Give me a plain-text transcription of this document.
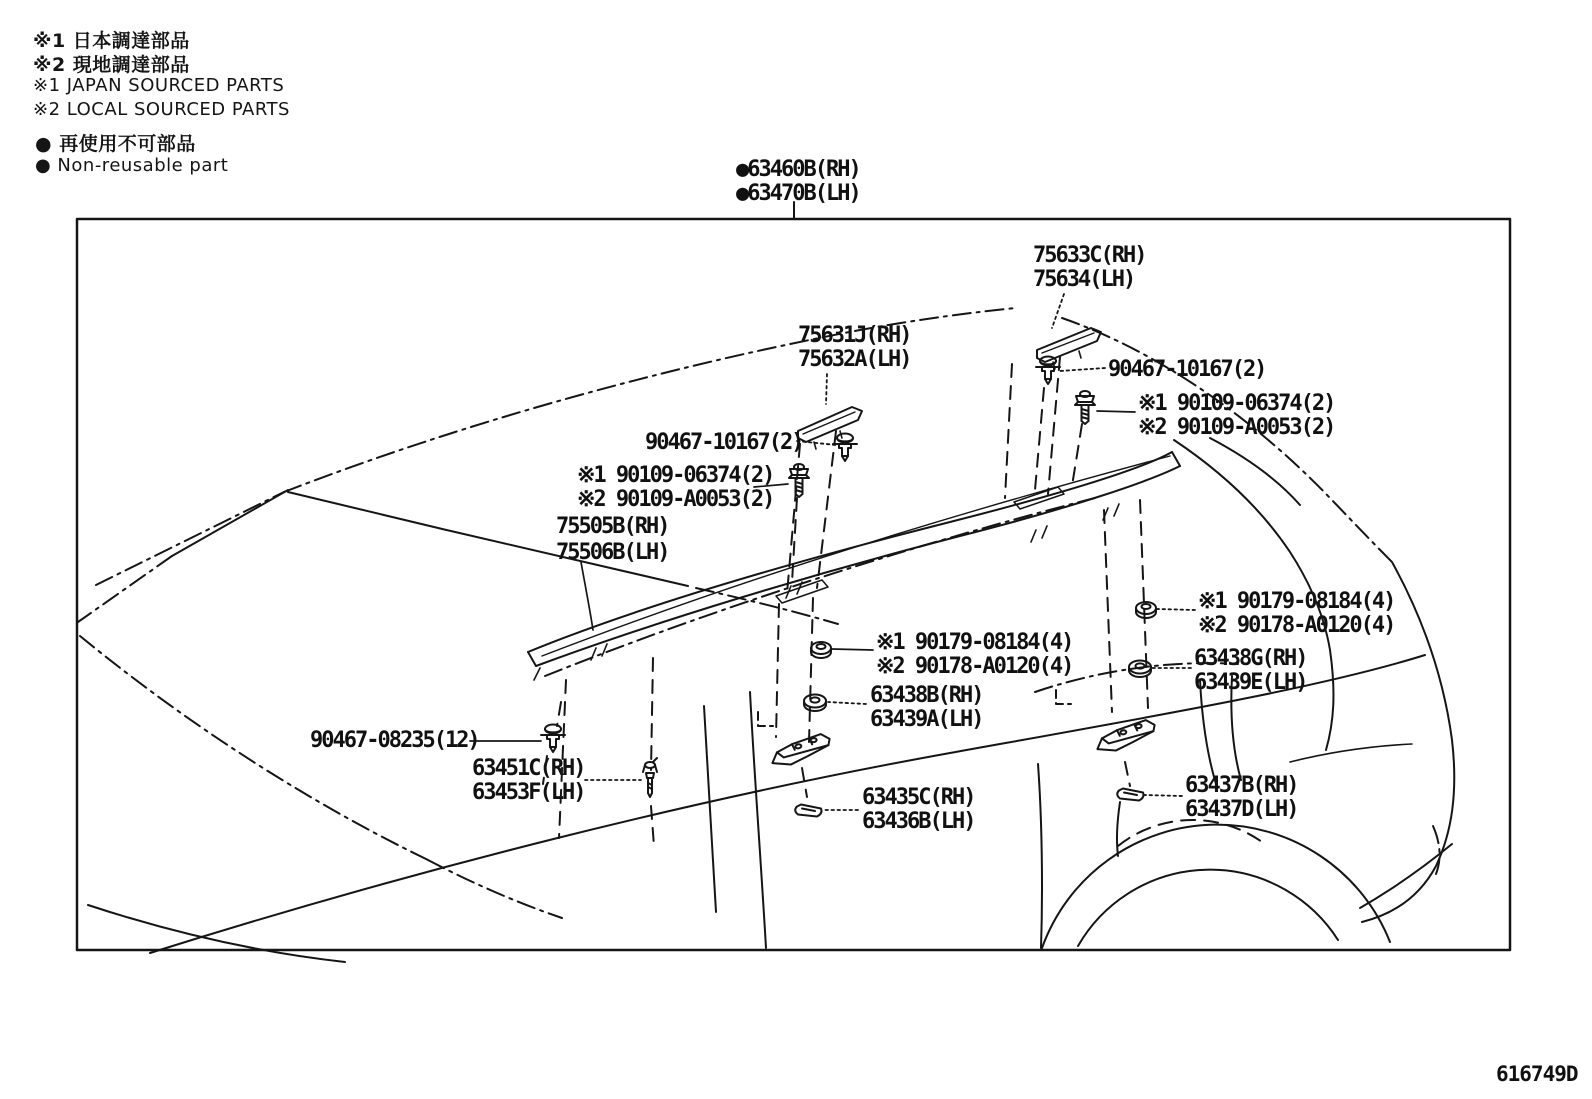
※1 日本調達部品
※2 現地調達部品
※1 JAPAN SOURCED PARTS
※2 LOCAL SOURCED PARTS
● 再使用不可部品
● Non-reusable part	●63460B(RH)
●63470B(LH)
75633C(RH)
75634(LH)
75631J(RH)
75632A(LH)	90467-10167(2)
※1 90109-06374(2)
※2 90109-A0053(2)
90467-10167(2)
※1 90109-06374(2)
※2 90109-A0053(2)
75505B(RH)
75506B(LH)
※1 90179-08184(4)
※2 90178-A0120(4)
63438G(RH)
63439E(LH)
※1 90179-08184(4)
※2 90178-A0120(4)
63438B(RH)
63439A(LH)
90467-08235(12)
63451C(RH)
63453F(LH)	63435C(RH)
63436B(LH)
63437B(RH)
63437D(LH)
616749D
